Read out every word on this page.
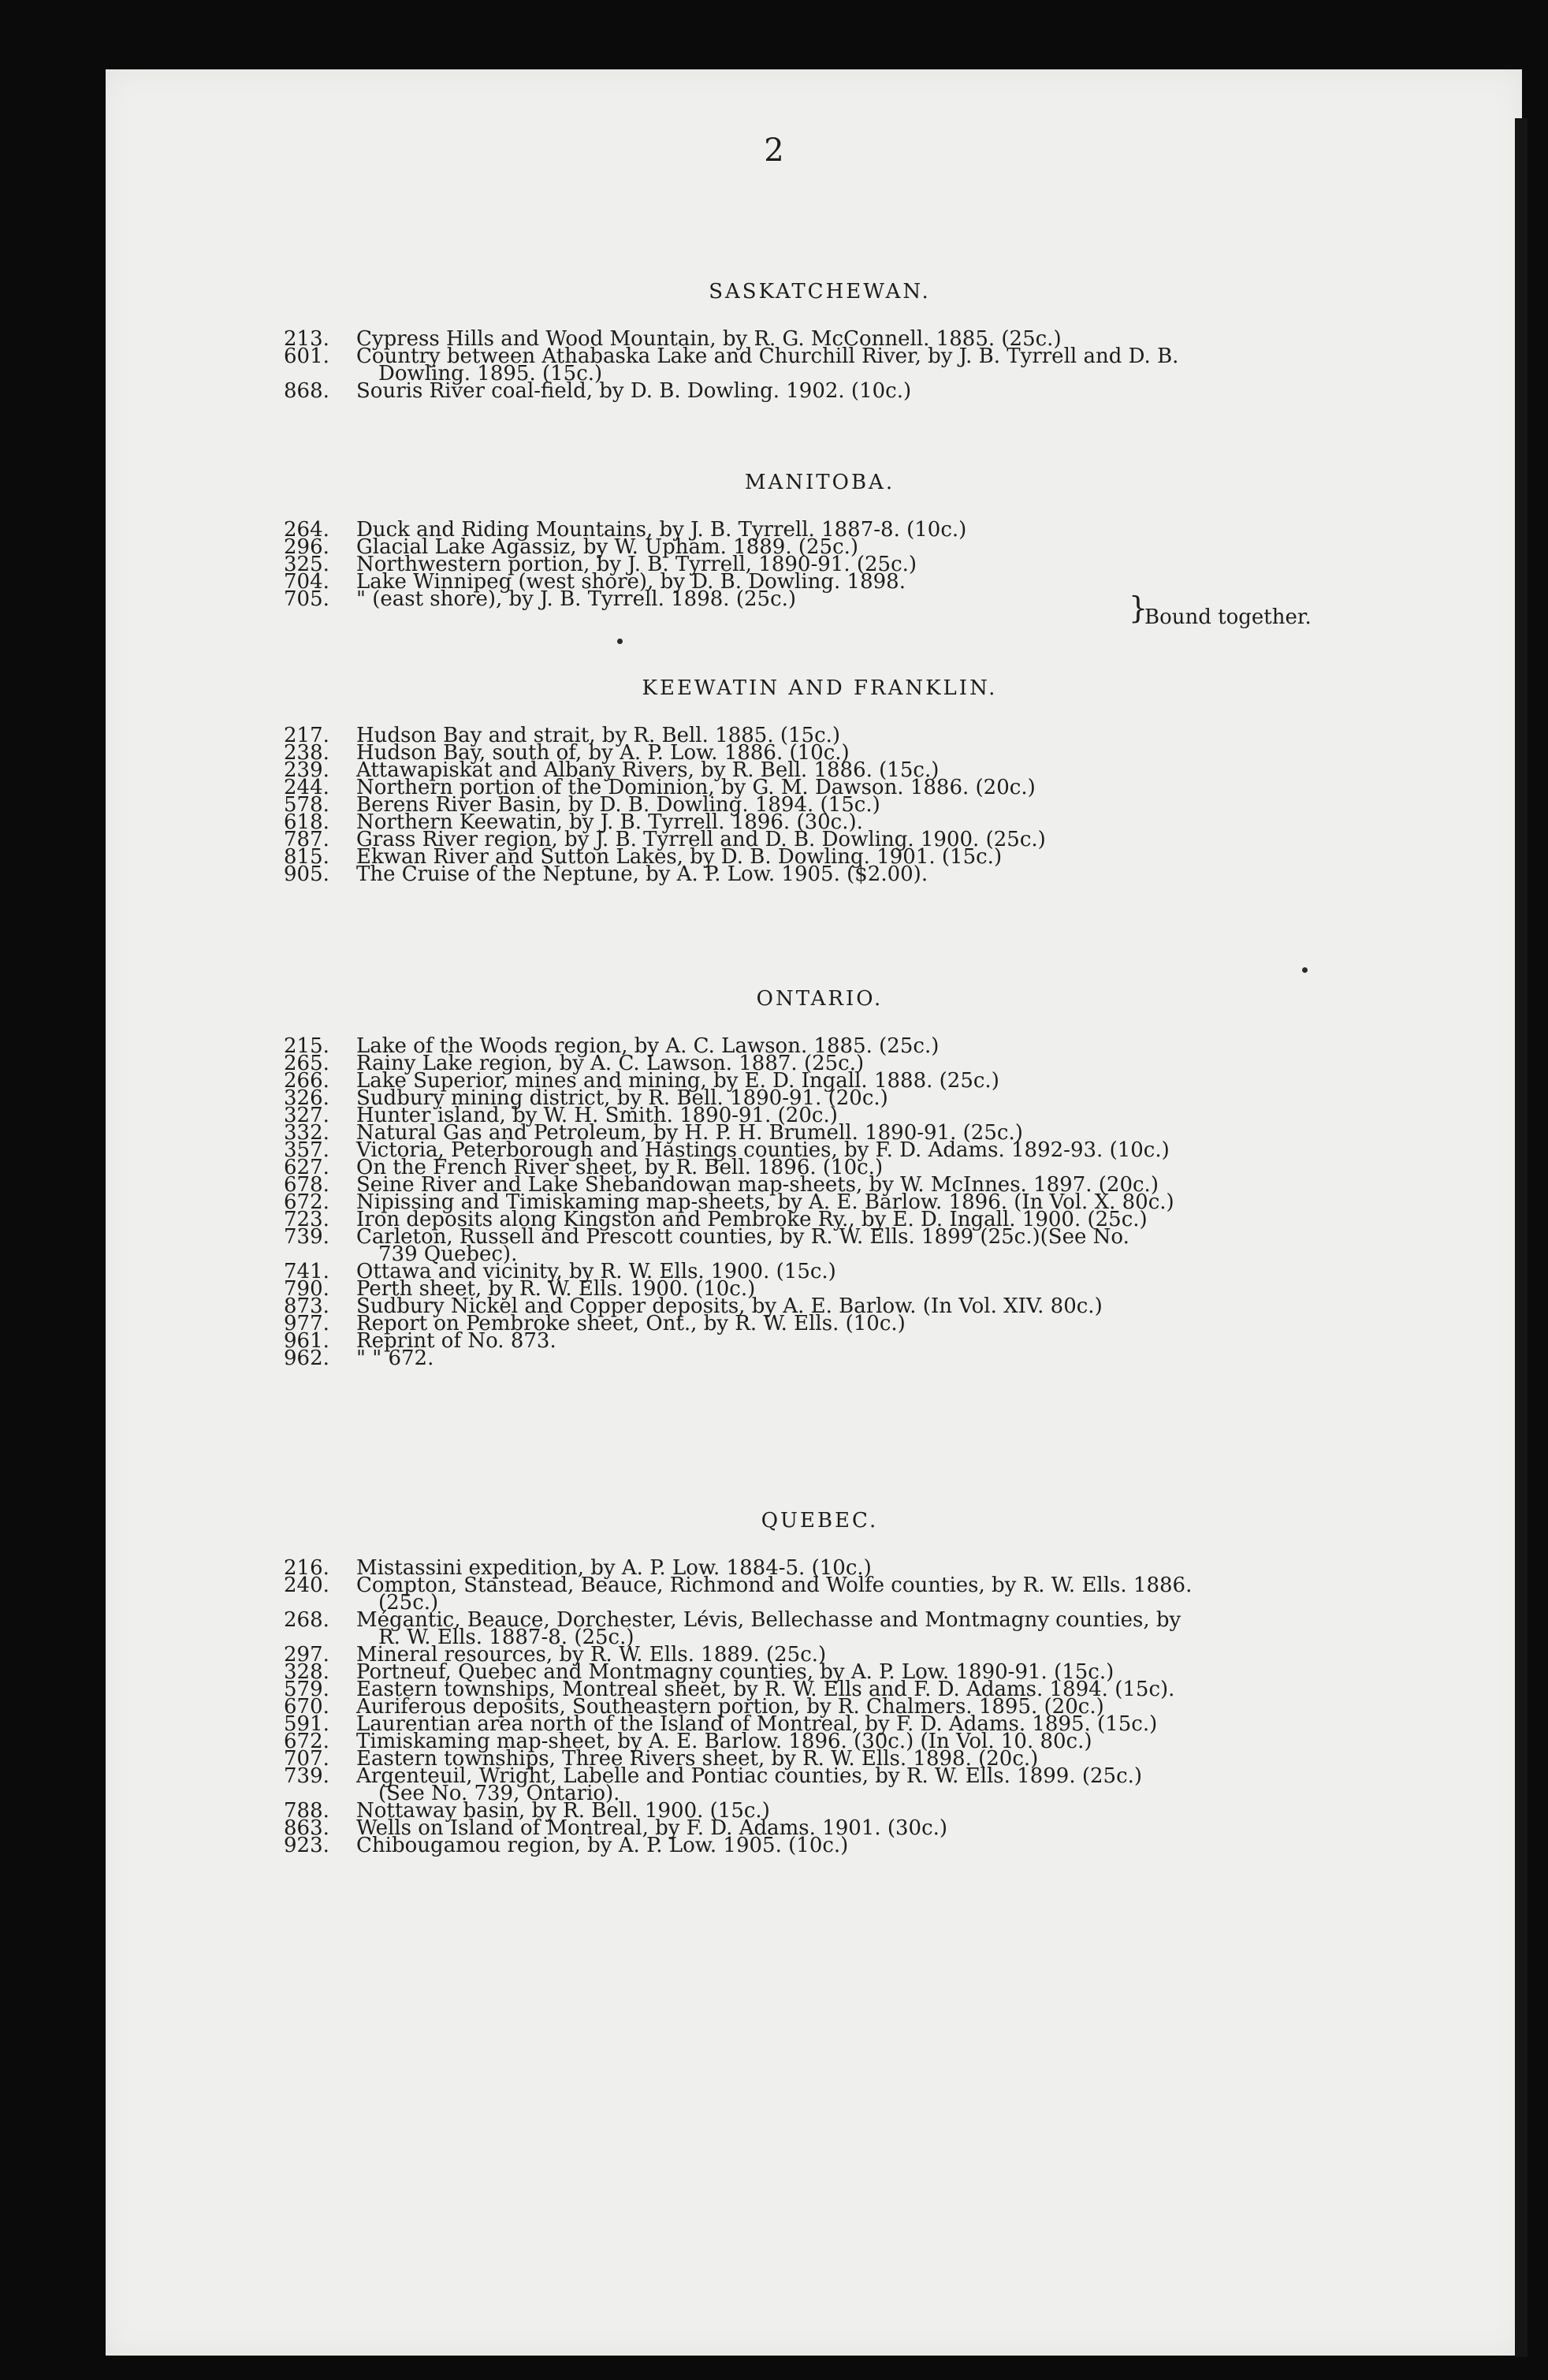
2
SASKATCHEWAN.
213.	Cypress Hills and Wood Mountain, by R. G. McConnell. 1885. (25c.)
601.	Country between Athabaska Lake and Churchill River, by J. B. Tyrrell and D. B.
Dowling. 1895. (15c.)
868.	Souris River coal-field, by D. B. Dowling. 1902. (10c.)
MANITOBA.
264.	Duck and Riding Mountains, by J. B. Tyrrell. 1887-8. (10c.)
296.	Glacial Lake Agassiz, by W. Upham. 1889. (25c.)
325.	Northwestern portion, by J. B. Tyrrell, 1890-91. (25c.)
704.	Lake Winnipeg (west shore), by D. B. Dowling. 1898.
705.	" (east shore), by J. B. Tyrrell. 1898. (25c.)	}
Bound together.
KEEWATIN AND FRANKLIN.
217.	Hudson Bay and strait, by R. Bell. 1885. (15c.)
238.	Hudson Bay, south of, by A. P. Low. 1886. (10c.)
239.	Attawapiskat and Albany Rivers, by R. Bell. 1886. (15c.)
244.	Northern portion of the Dominion, by G. M. Dawson. 1886. (20c.)
578.	Berens River Basin, by D. B. Dowling. 1894. (15c.)
618.	Northern Keewatin, by J. B. Tyrrell. 1896. (30c.).
787.	Grass River region, by J. B. Tyrrell and D. B. Dowling. 1900. (25c.)
815.	Ekwan River and Sutton Lakes, by D. B. Dowling. 1901. (15c.)
905.	The Cruise of the Neptune, by A. P. Low. 1905. ($2.00).
ONTARIO.
215.	Lake of the Woods region, by A. C. Lawson. 1885. (25c.)
265.	Rainy Lake region, by A. C. Lawson. 1887. (25c.)
266.	Lake Superior, mines and mining, by E. D. Ingall. 1888. (25c.)
326.	Sudbury mining district, by R. Bell. 1890-91. (20c.)
327.	Hunter island, by W. H. Smith. 1890-91. (20c.)
332.	Natural Gas and Petroleum, by H. P. H. Brumell. 1890-91. (25c.)
357.	Victoria, Peterborough and Hastings counties, by F. D. Adams. 1892-93. (10c.)
627.	On the French River sheet, by R. Bell. 1896. (10c.)
678.	Seine River and Lake Shebandowan map-sheets, by W. McInnes. 1897. (20c.)
672.	Nipissing and Timiskaming map-sheets, by A. E. Barlow. 1896. (In Vol. X. 80c.)
723.	Iron deposits along Kingston and Pembroke Ry., by E. D. Ingall. 1900. (25c.)
739.	Carleton, Russell and Prescott counties, by R. W. Ells. 1899 (25c.)(See No.
739 Quebec).
741.	Ottawa and vicinity, by R. W. Ells. 1900. (15c.)
790.	Perth sheet, by R. W. Ells. 1900. (10c.)
873.	Sudbury Nickel and Copper deposits, by A. E. Barlow. (In Vol. XIV. 80c.)
977.	Report on Pembroke sheet, Ont., by R. W. Ells. (10c.)
961.	Reprint of No. 873.
962.	" " 672.
QUEBEC.
216.	Mistassini expedition, by A. P. Low. 1884-5. (10c.)
240.	Compton, Stanstead, Beauce, Richmond and Wolfe counties, by R. W. Ells. 1886.
(25c.)
268.	Mégantic, Beauce, Dorchester, Lévis, Bellechasse and Montmagny counties, by
R. W. Ells. 1887-8. (25c.)
297.	Mineral resources, by R. W. Ells. 1889. (25c.)
328.	Portneuf, Quebec and Montmagny counties, by A. P. Low. 1890-91. (15c.)
579.	Eastern townships, Montreal sheet, by R. W. Ells and F. D. Adams. 1894. (15c).
670.	Auriferous deposits, Southeastern portion, by R. Chalmers. 1895. (20c.)
591.	Laurentian area north of the Island of Montreal, by F. D. Adams. 1895. (15c.)
672.	Timiskaming map-sheet, by A. E. Barlow. 1896. (30c.) (In Vol. 10. 80c.)
707.	Eastern townships, Three Rivers sheet, by R. W. Ells. 1898. (20c.)
739.	Argenteuil, Wright, Labelle and Pontiac counties, by R. W. Ells. 1899. (25c.)
(See No. 739, Ontario).
788.	Nottaway basin, by R. Bell. 1900. (15c.)
863.	Wells on Island of Montreal, by F. D. Adams. 1901. (30c.)
923.	Chibougamou region, by A. P. Low. 1905. (10c.)
